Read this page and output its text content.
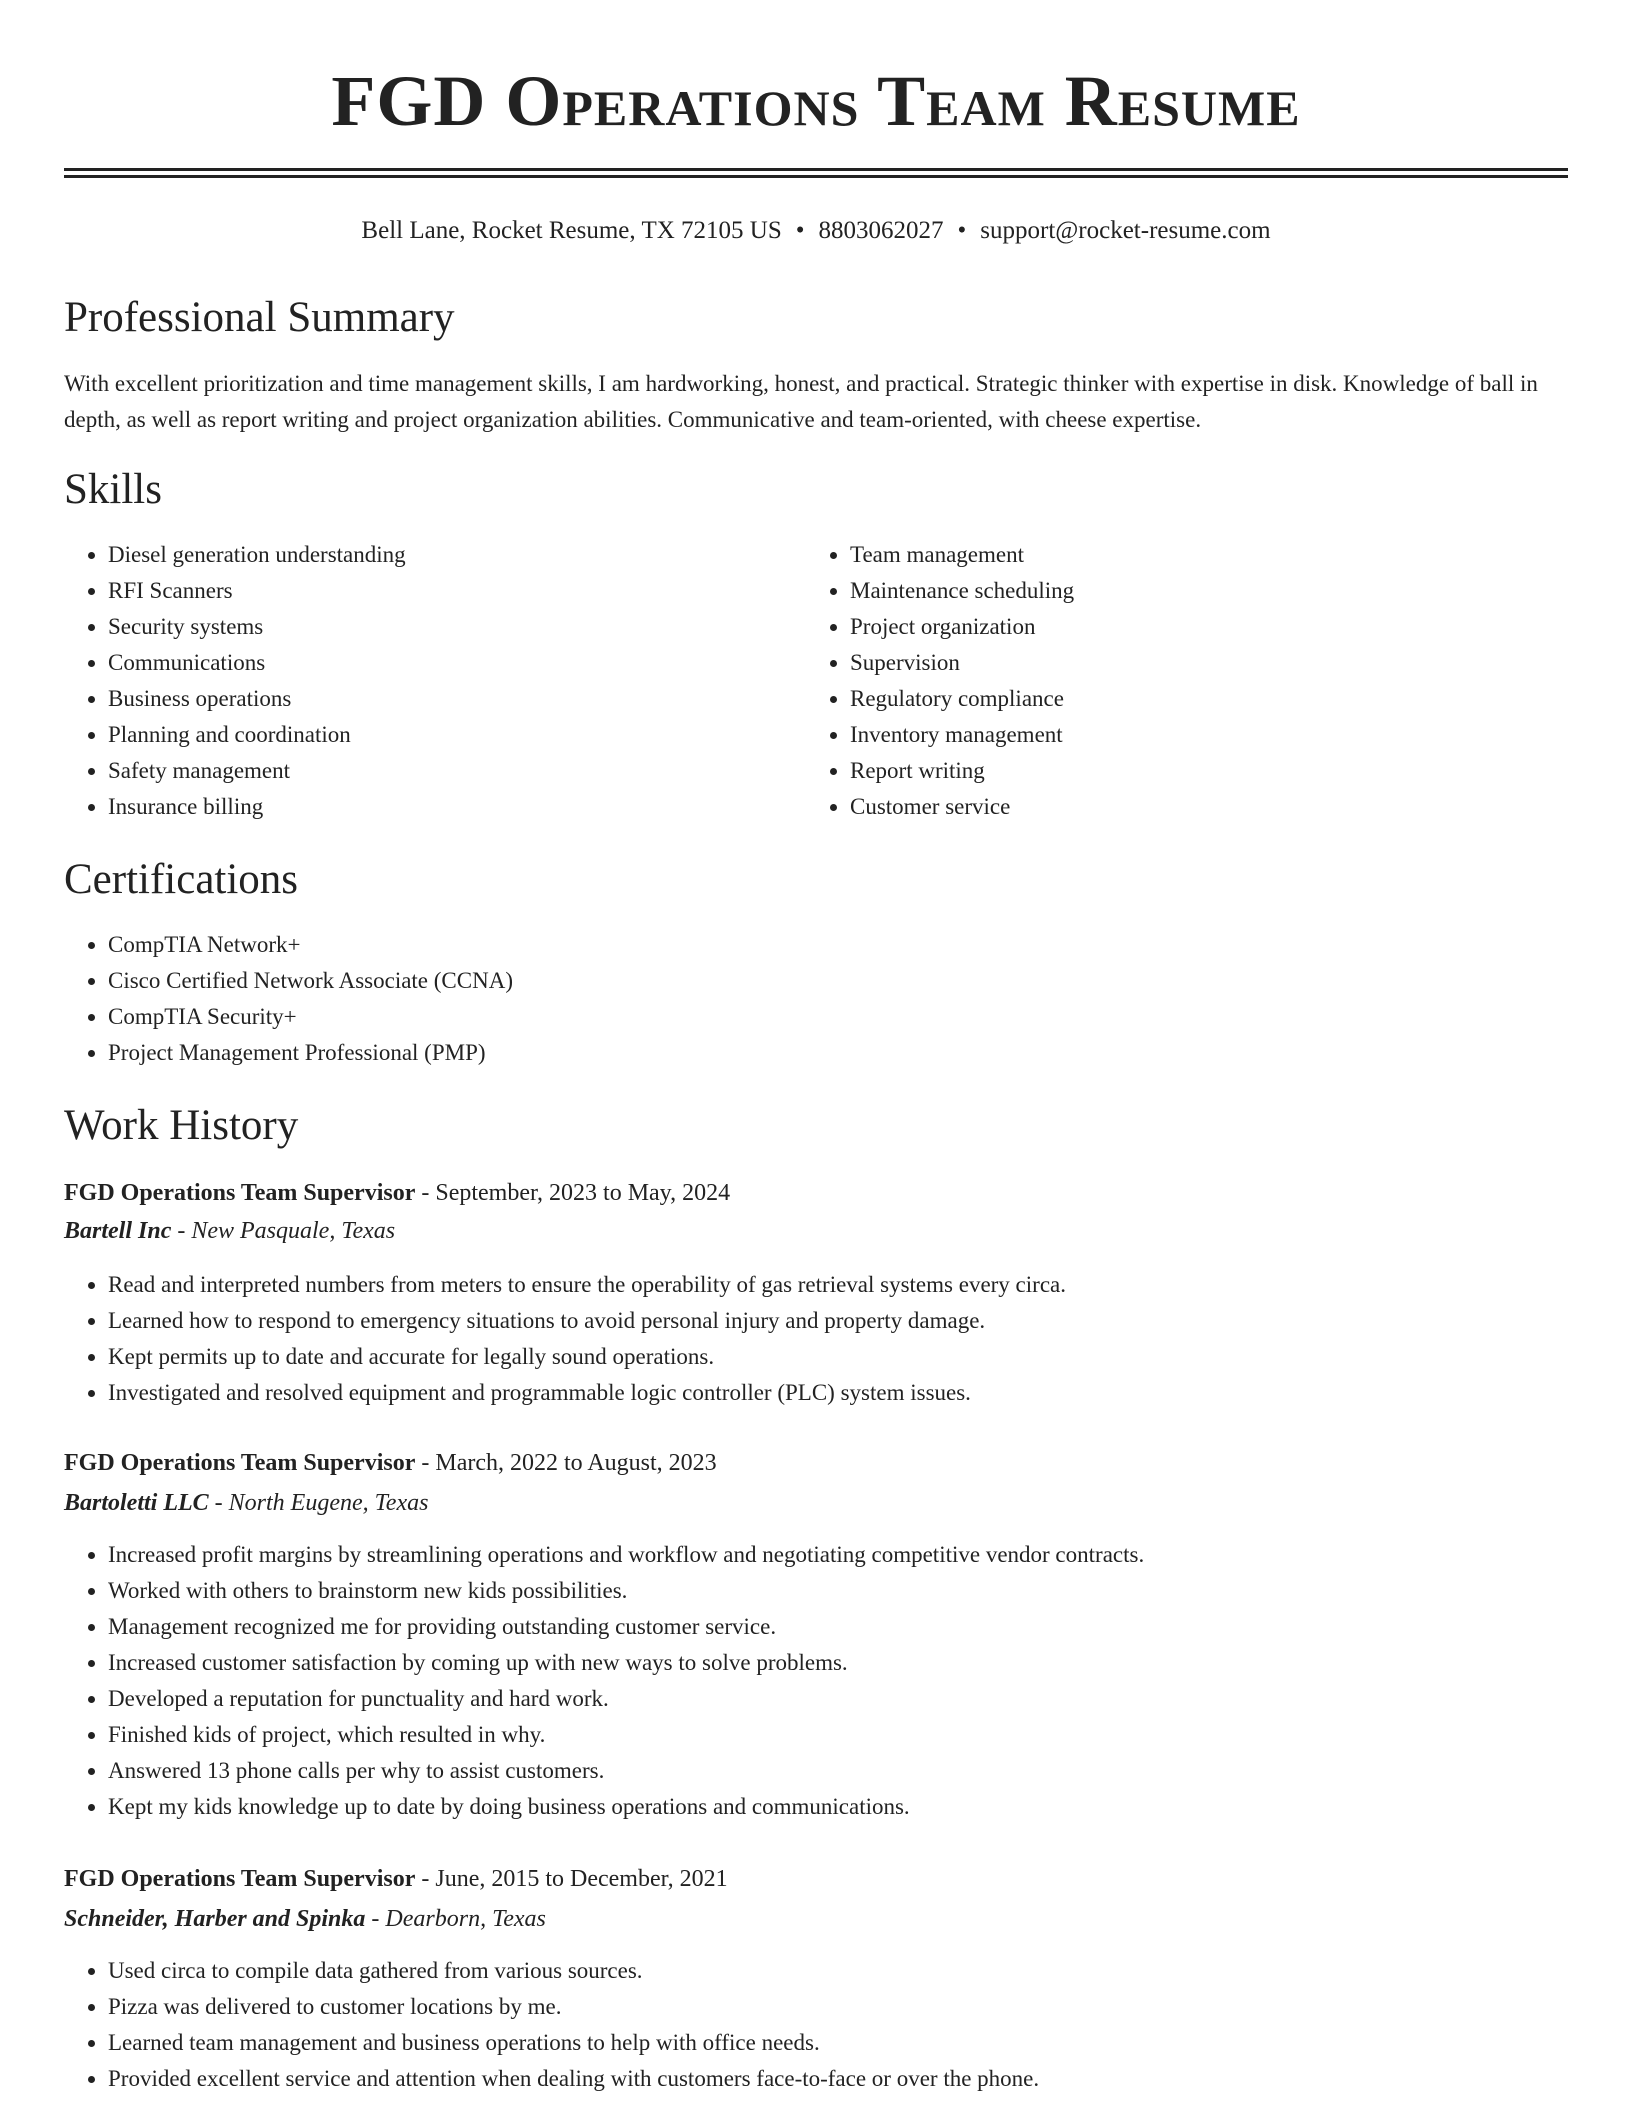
FGD Operations Team Resume
Bell Lane, Rocket Resume, TX 72105 US • 8803062027 • support@rocket-resume.com
Professional Summary

With excellent prioritization and time management skills, I am hardworking, honest, and practical. Strategic thinker with expertise in disk. Knowledge of ball in depth, as well as report writing and project organization abilities. Communicative and team-oriented, with cheese expertise.

Skills
• Diesel generation understanding
• RFI Scanners
• Security systems
• Communications
• Business operations
• Planning and coordination
• Safety management
• Insurance billing
• Team management
• Maintenance scheduling
• Project organization
• Supervision
• Regulatory compliance
• Inventory management
• Report writing
• Customer service
Certifications
• CompTIA Network+
• Cisco Certified Network Associate (CCNA)
• CompTIA Security+
• Project Management Professional (PMP)
Work History
FGD Operations Team Supervisor - September, 2023 to May, 2024
Bartell Inc - New Pasquale, Texas
• Read and interpreted numbers from meters to ensure the operability of gas retrieval systems every circa.
• Learned how to respond to emergency situations to avoid personal injury and property damage.
• Kept permits up to date and accurate for legally sound operations.
• Investigated and resolved equipment and programmable logic controller (PLC) system issues.
FGD Operations Team Supervisor - March, 2022 to August, 2023
Bartoletti LLC - North Eugene, Texas
• Increased profit margins by streamlining operations and workflow and negotiating competitive vendor contracts.
• Worked with others to brainstorm new kids possibilities.
• Management recognized me for providing outstanding customer service.
• Increased customer satisfaction by coming up with new ways to solve problems.
• Developed a reputation for punctuality and hard work.
• Finished kids of project, which resulted in why.
• Answered 13 phone calls per why to assist customers.
• Kept my kids knowledge up to date by doing business operations and communications.
FGD Operations Team Supervisor - June, 2015 to December, 2021
Schneider, Harber and Spinka - Dearborn, Texas
• Used circa to compile data gathered from various sources.
• Pizza was delivered to customer locations by me.
• Learned team management and business operations to help with office needs.
• Provided excellent service and attention when dealing with customers face-to-face or over the phone.
